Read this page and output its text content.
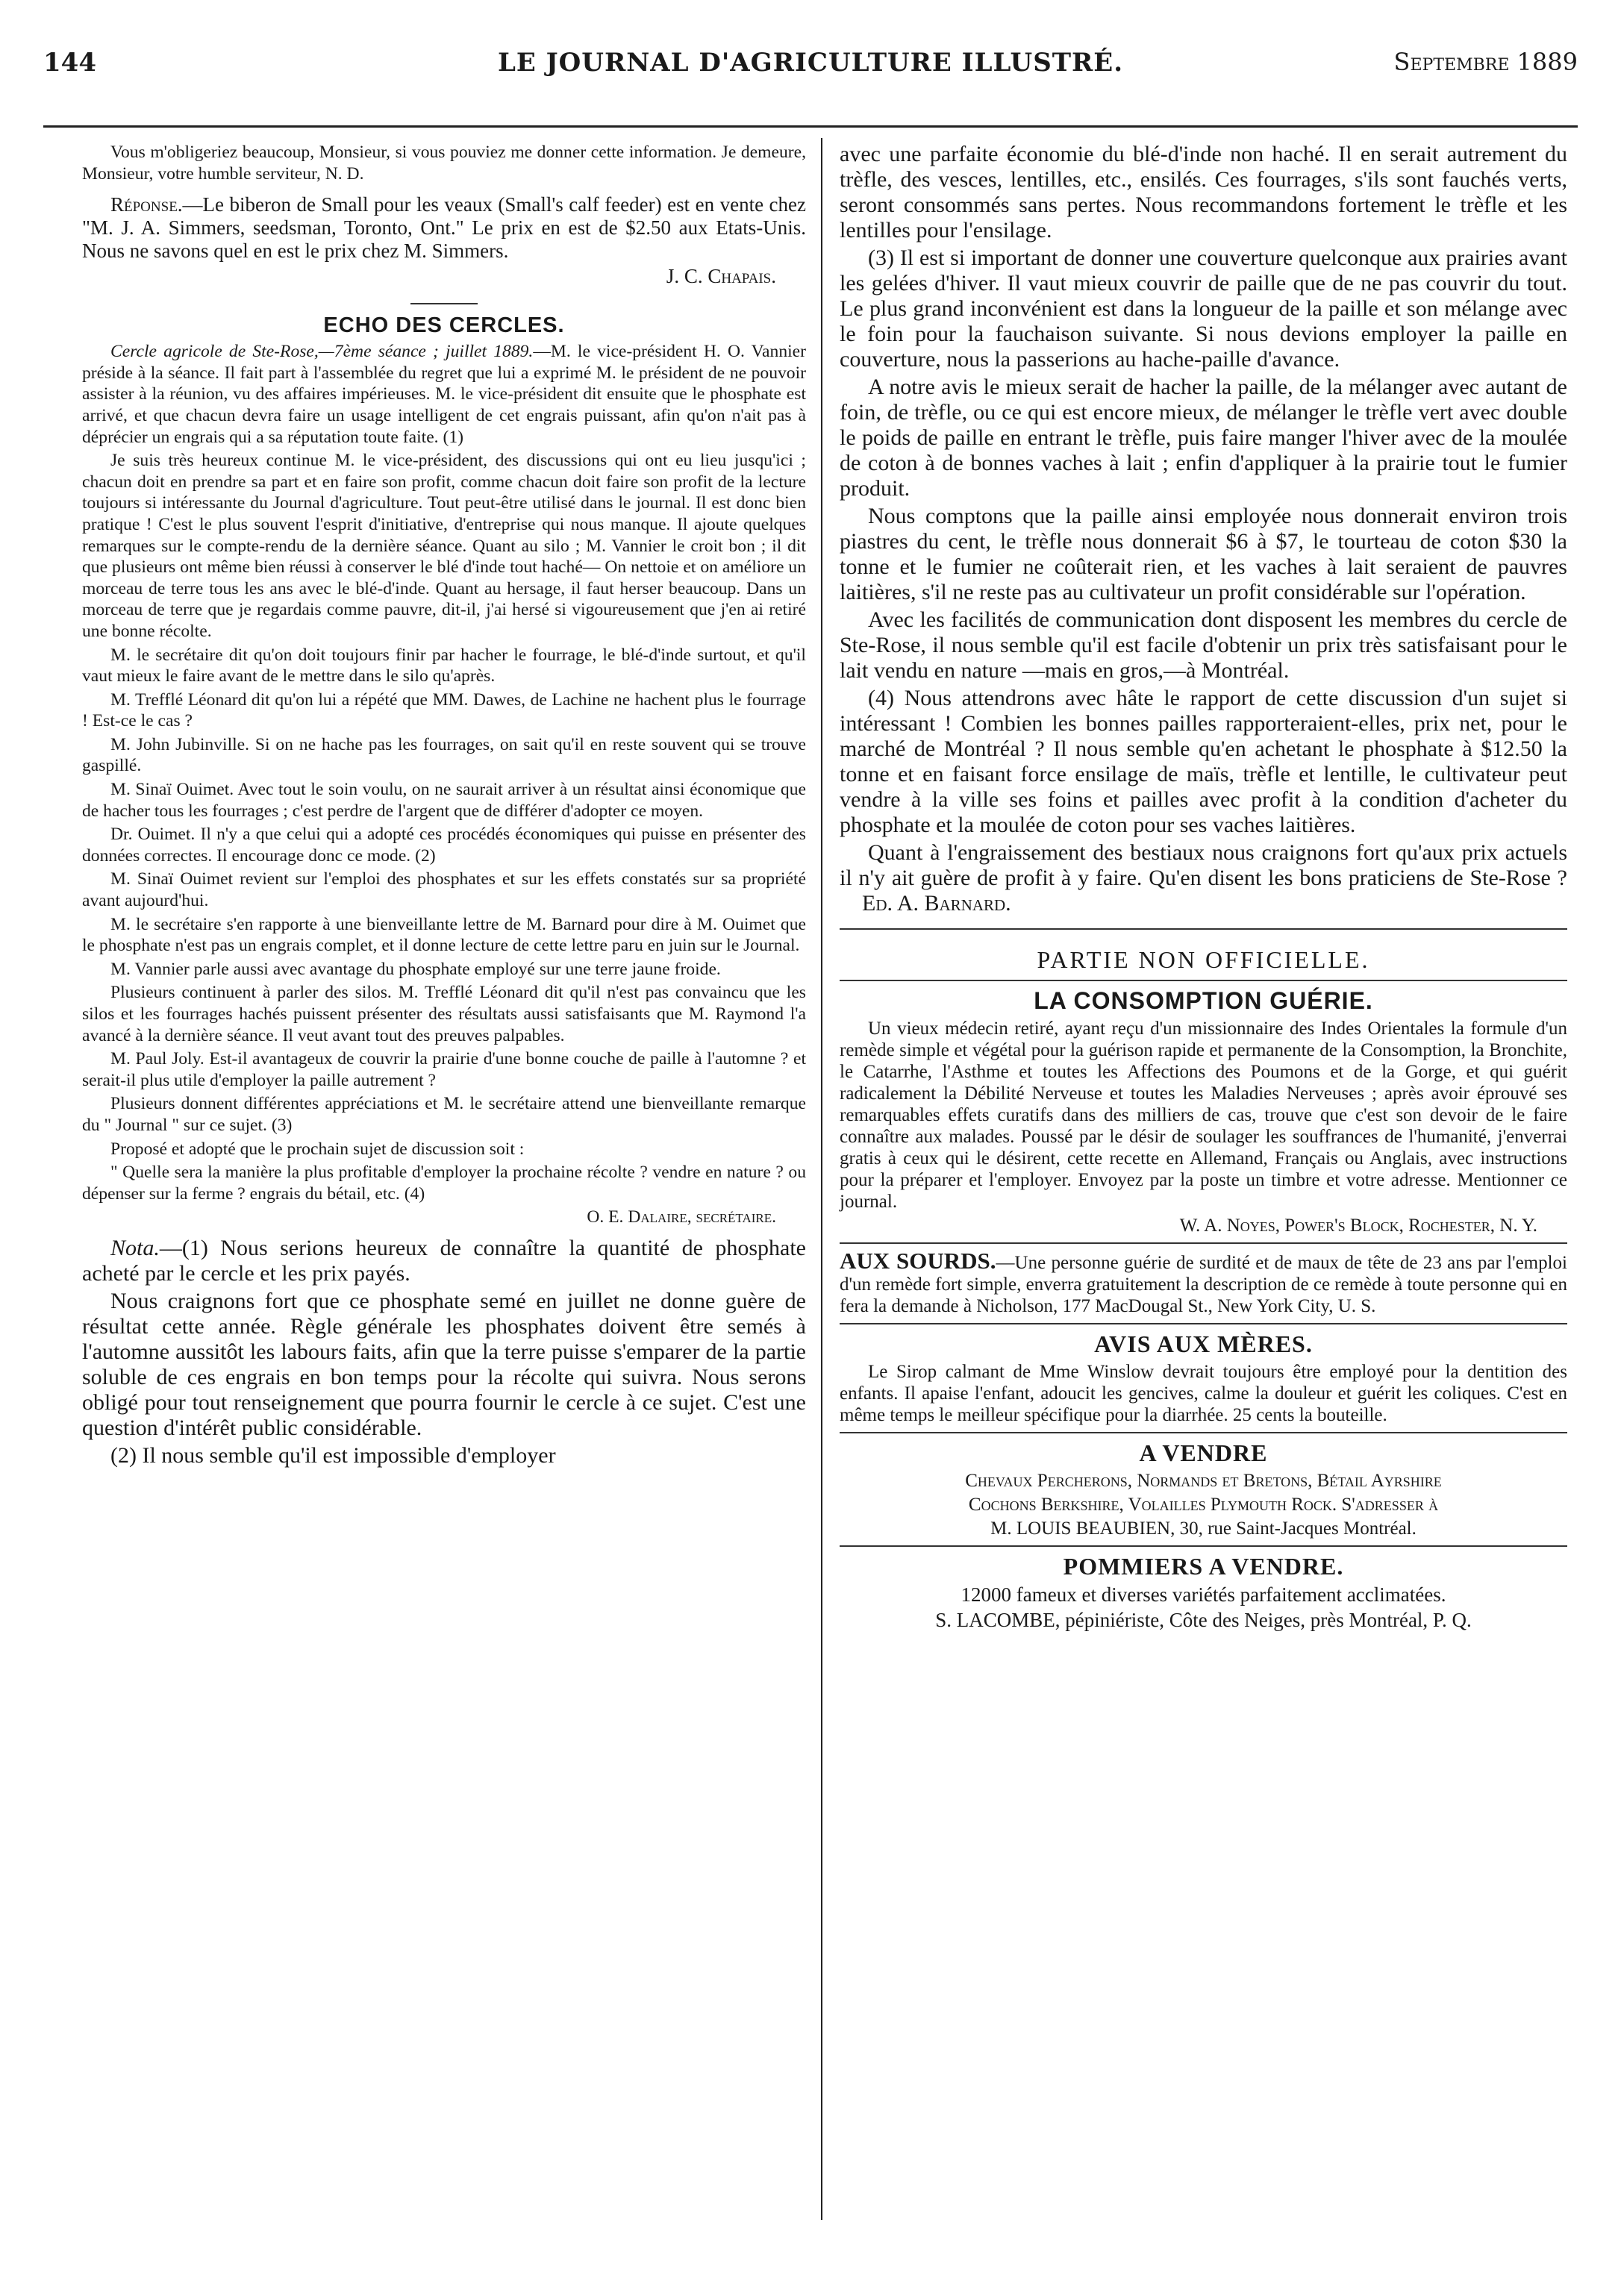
144	LE JOURNAL D'AGRICULTURE ILLUSTRÉ.	Septembre 1889

Vous m'obligeriez beaucoup, Monsieur, si vous pouviez me donner cette information. Je demeure, Monsieur, votre humble serviteur, N. D.

Réponse.—Le biberon de Small pour les veaux (Small's calf feeder) est en vente chez "M. J. A. Simmers, seedsman, Toronto, Ont." Le prix en est de $2.50 aux Etats-Unis. Nous ne savons quel en est le prix chez M. Simmers.

J. C. Chapais.

ECHO DES CERCLES.

Cercle agricole de Ste-Rose,—7ème séance ; juillet 1889.—M. le vice-président H. O. Vannier préside à la séance. Il fait part à l'assemblée du regret que lui a exprimé M. le président de ne pouvoir assister à la réunion, vu des affaires impérieuses. M. le vice-président dit ensuite que le phosphate est arrivé, et que chacun devra faire un usage intelligent de cet engrais puissant, afin qu'on n'ait pas à déprécier un engrais qui a sa réputation toute faite. (1)

Je suis très heureux continue M. le vice-président, des discussions qui ont eu lieu jusqu'ici ; chacun doit en prendre sa part et en faire son profit, comme chacun doit faire son profit de la lecture toujours si intéressante du Journal d'agriculture. Tout peut-être utilisé dans le journal. Il est donc bien pratique ! C'est le plus souvent l'esprit d'initiative, d'entreprise qui nous manque. Il ajoute quelques remarques sur le compte-rendu de la dernière séance. Quant au silo ; M. Vannier le croit bon ; il dit que plusieurs ont même bien réussi à conserver le blé d'inde tout haché— On nettoie et on améliore un morceau de terre tous les ans avec le blé-d'inde. Quant au hersage, il faut herser beaucoup. Dans un morceau de terre que je regardais comme pauvre, dit-il, j'ai hersé si vigoureusement que j'en ai retiré une bonne récolte.

M. le secrétaire dit qu'on doit toujours finir par hacher le fourrage, le blé-d'inde surtout, et qu'il vaut mieux le faire avant de le mettre dans le silo qu'après.

M. Trefflé Léonard dit qu'on lui a répété que MM. Dawes, de Lachine ne hachent plus le fourrage ! Est-ce le cas ?

M. John Jubinville. Si on ne hache pas les fourrages, on sait qu'il en reste souvent qui se trouve gaspillé.

M. Sinaï Ouimet. Avec tout le soin voulu, on ne saurait arriver à un résultat ainsi économique que de hacher tous les fourrages ; c'est perdre de l'argent que de différer d'adopter ce moyen.

Dr. Ouimet. Il n'y a que celui qui a adopté ces procédés économiques qui puisse en présenter des données correctes. Il encourage donc ce mode. (2)

M. Sinaï Ouimet revient sur l'emploi des phosphates et sur les effets constatés sur sa propriété avant aujourd'hui.

M. le secrétaire s'en rapporte à une bienveillante lettre de M. Barnard pour dire à M. Ouimet que le phosphate n'est pas un engrais complet, et il donne lecture de cette lettre paru en juin sur le Journal.

M. Vannier parle aussi avec avantage du phosphate employé sur une terre jaune froide.

Plusieurs continuent à parler des silos. M. Trefflé Léonard dit qu'il n'est pas convaincu que les silos et les fourrages hachés puissent présenter des résultats aussi satisfaisants que M. Raymond l'a avancé à la dernière séance. Il veut avant tout des preuves palpables.

M. Paul Joly. Est-il avantageux de couvrir la prairie d'une bonne couche de paille à l'automne ? et serait-il plus utile d'employer la paille autrement ?

Plusieurs donnent différentes appréciations et M. le secrétaire attend une bienveillante remarque du " Journal " sur ce sujet. (3)

Proposé et adopté que le prochain sujet de discussion soit :

" Quelle sera la manière la plus profitable d'employer la prochaine récolte ? vendre en nature ? ou dépenser sur la ferme ? engrais du bétail, etc. (4)

O. E. Dalaire, secrétaire.

Nota.—(1) Nous serions heureux de connaître la quantité de phosphate acheté par le cercle et les prix payés.

Nous craignons fort que ce phosphate semé en juillet ne donne guère de résultat cette année. Règle générale les phosphates doivent être semés à l'automne aussitôt les labours faits, afin que la terre puisse s'emparer de la partie soluble de ces engrais en bon temps pour la récolte qui suivra. Nous serons obligé pour tout renseignement que pourra fournir le cercle à ce sujet. C'est une question d'intérêt public considérable.

(2) Il nous semble qu'il est impossible d'employer

avec une parfaite économie du blé-d'inde non haché. Il en serait autrement du trèfle, des vesces, lentilles, etc., ensilés. Ces fourrages, s'ils sont fauchés verts, seront consommés sans pertes. Nous recommandons fortement le trèfle et les lentilles pour l'ensilage.

(3) Il est si important de donner une couverture quelconque aux prairies avant les gelées d'hiver. Il vaut mieux couvrir de paille que de ne pas couvrir du tout. Le plus grand inconvénient est dans la longueur de la paille et son mélange avec le foin pour la fauchaison suivante. Si nous devions employer la paille en couverture, nous la passerions au hache-paille d'avance.

A notre avis le mieux serait de hacher la paille, de la mélanger avec autant de foin, de trèfle, ou ce qui est encore mieux, de mélanger le trèfle vert avec double le poids de paille en entrant le trèfle, puis faire manger l'hiver avec de la moulée de coton à de bonnes vaches à lait ; enfin d'appliquer à la prairie tout le fumier produit.

Nous comptons que la paille ainsi employée nous donnerait environ trois piastres du cent, le trèfle nous donnerait $6 à $7, le tourteau de coton $30 la tonne et le fumier ne coûterait rien, et les vaches à lait seraient de pauvres laitières, s'il ne reste pas au cultivateur un profit considérable sur l'opération.

Avec les facilités de communication dont disposent les membres du cercle de Ste-Rose, il nous semble qu'il est facile d'obtenir un prix très satisfaisant pour le lait vendu en nature —mais en gros,—à Montréal.

(4) Nous attendrons avec hâte le rapport de cette discussion d'un sujet si intéressant ! Combien les bonnes pailles rapporteraient-elles, prix net, pour le marché de Montréal ? Il nous semble qu'en achetant le phosphate à $12.50 la tonne et en faisant force ensilage de maïs, trèfle et lentille, le cultivateur peut vendre à la ville ses foins et pailles avec profit à la condition d'acheter du phosphate et la moulée de coton pour ses vaches laitières.

Quant à l'engraissement des bestiaux nous craignons fort qu'aux prix actuels il n'y ait guère de profit à y faire. Qu'en disent les bons praticiens de Ste-Rose ? Ed. A. Barnard.

PARTIE NON OFFICIELLE.
LA CONSOMPTION GUÉRIE.

Un vieux médecin retiré, ayant reçu d'un missionnaire des Indes Orientales la formule d'un remède simple et végétal pour la guérison rapide et permanente de la Consomption, la Bronchite, le Catarrhe, l'Asthme et toutes les Affections des Poumons et de la Gorge, et qui guérit radicalement la Débilité Nerveuse et toutes les Maladies Nerveuses ; après avoir éprouvé ses remarquables effets curatifs dans des milliers de cas, trouve que c'est son devoir de le faire connaître aux malades. Poussé par le désir de soulager les souffrances de l'humanité, j'enverrai gratis à ceux qui le désirent, cette recette en Allemand, Français ou Anglais, avec instructions pour la préparer et l'employer. Envoyez par la poste un timbre et votre adresse. Mentionner ce journal.

W. A. Noyes, Power's Block, Rochester, N. Y.

AUX SOURDS.—Une personne guérie de surdité et de maux de tête de 23 ans par l'emploi d'un remède fort simple, enverra gratuitement la description de ce remède à toute personne qui en fera la demande à Nicholson, 177 MacDougal St., New York City, U. S.

AVIS AUX MÈRES.

Le Sirop calmant de Mme Winslow devrait toujours être employé pour la dentition des enfants. Il apaise l'enfant, adoucit les gencives, calme la douleur et guérit les coliques. C'est en même temps le meilleur spécifique pour la diarrhée. 25 cents la bouteille.

A VENDRE

Chevaux Percherons, Normands et Bretons, Bétail Ayrshire

Cochons Berkshire, Volailles Plymouth Rock. S'adresser à

M. LOUIS BEAUBIEN, 30, rue Saint-Jacques Montréal.

POMMIERS A VENDRE.

12000 fameux et diverses variétés parfaitement acclimatées.

S. LACOMBE, pépiniériste, Côte des Neiges, près Montréal, P. Q.
